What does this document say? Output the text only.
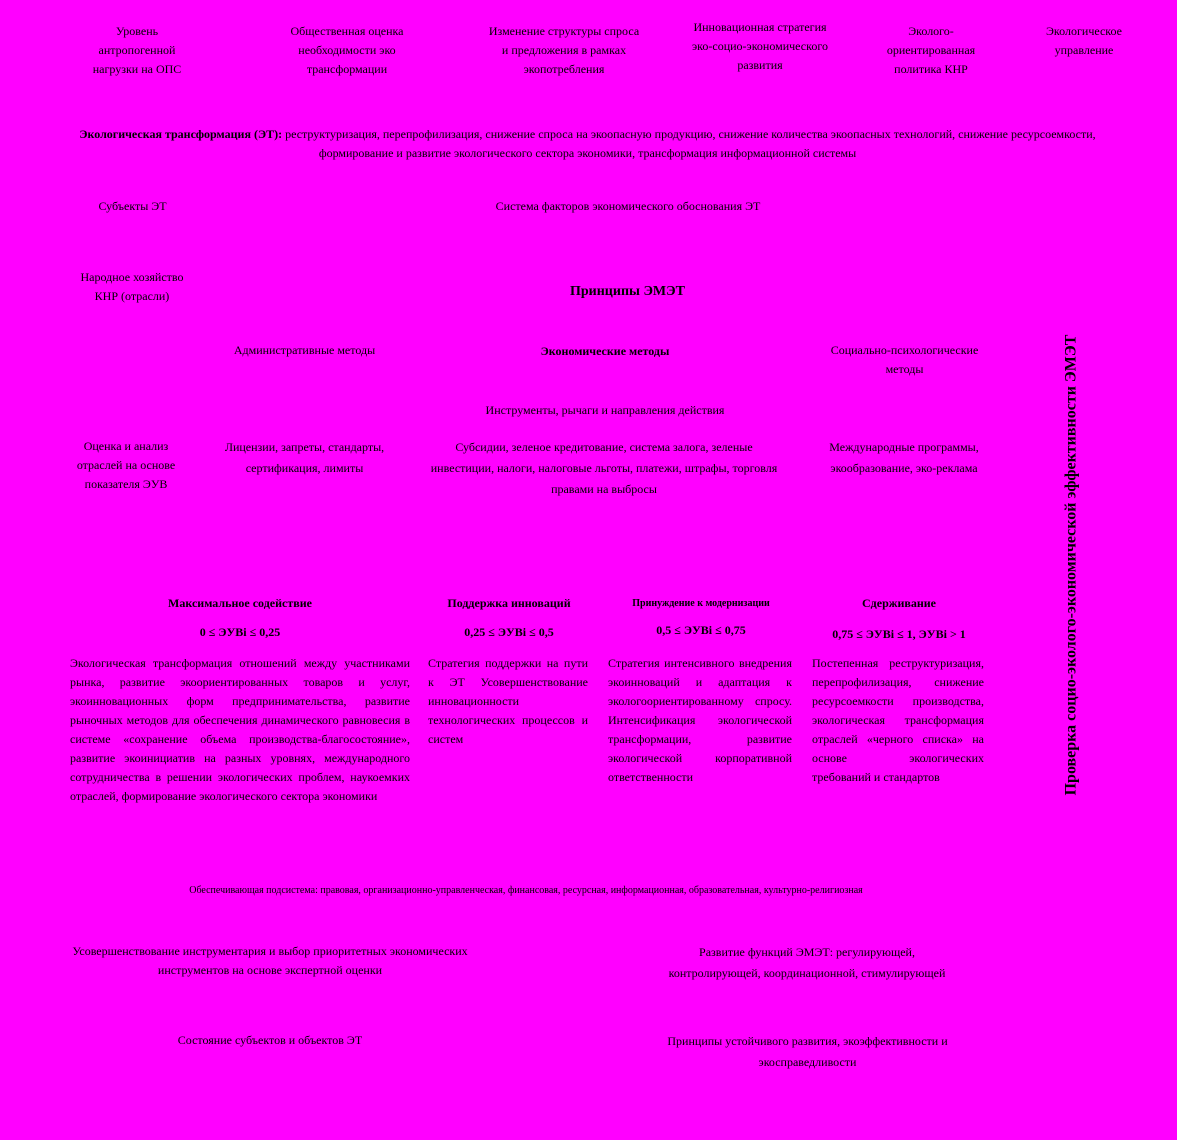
Уровень антропогенной нагрузки на ОПС
Общественная оценка необходимости эко трансформации
Изменение структуры спроса и предложения в рамках экопотребления
Инновационная стратегия эко-социо-экономического развития
Эколого-ориентированная политика КНР
Экологическое управление
Экологическая трансформация (ЭТ): реструктуризация, перепрофилизация, снижение спроса на экоопасную продукцию, снижение количества экоопасных технологий, снижение ресурсоемкости, формирование и развитие экологического сектора экономики, трансформация информационной системы
Субъекты ЭТ	Система факторов экономического обоснования ЭТ
Народное хозяйство КНР (отрасли)	Принципы ЭМЭТ
Административные методы	Экономические методы	Социально-психологические методы
Инструменты, рычаги и направления действия
Оценка и анализ отраслей на основе показателя ЭУВ
Лицензии, запреты, стандарты, сертификация, лимиты
Субсидии, зеленое кредитование, система залога, зеленые инвестиции, налоги, налоговые льготы, платежи, штрафы, торговля правами на выбросы
Международные программы, экообразование, эко-реклама
Максимальное содействие
0 ≤ ЭУВi ≤ 0,25
Экологическая трансформация отношений между участниками рынка, развитие экоориентированных товаров и услуг, экоинновационных форм предпринимательства, развитие рыночных методов для обеспечения динамического равновесия в системе «сохранение объема производства-благосостояние», развитие экоинициатив на разных уровнях, международного сотрудничества в решении экологических проблем, наукоемких отраслей, формирование экологического сектора экономики
Поддержка инноваций
0,25 ≤ ЭУВi ≤ 0,5
Стратегия поддержки на пути к ЭТ Усовершенствование инновационности технологических процессов и систем
Принуждение к модернизации
0,5 ≤ ЭУВi ≤ 0,75
Стратегия интенсивного внедрения экоинноваций и адаптация к экологоориентированному спросу. Интенсификация экологической трансформации, развитие экологической корпоративной ответственности
Сдерживание
0,75 ≤ ЭУВi ≤ 1, ЭУВi > 1
Постепенная реструктуризация, перепрофилизация, снижение ресурсоемкости производства, экологическая трансформация отраслей «черного списка» на основе экологических требований и стандартов	Проверка социо-эколого-экономической эффективности ЭМЭТ
Обеспечивающая подсистема: правовая, организационно-управленческая, финансовая, ресурсная, информационная, образовательная, культурно-религиозная
Усовершенствование инструментария и выбор приоритетных экономических инструментов на основе экспертной оценки
Развитие функций ЭМЭТ: регулирующей, контролирующей, координационной, стимулирующей
Состояние субъектов и объектов ЭТ	Принципы устойчивого развития, экоэффективности и экосправедливости
